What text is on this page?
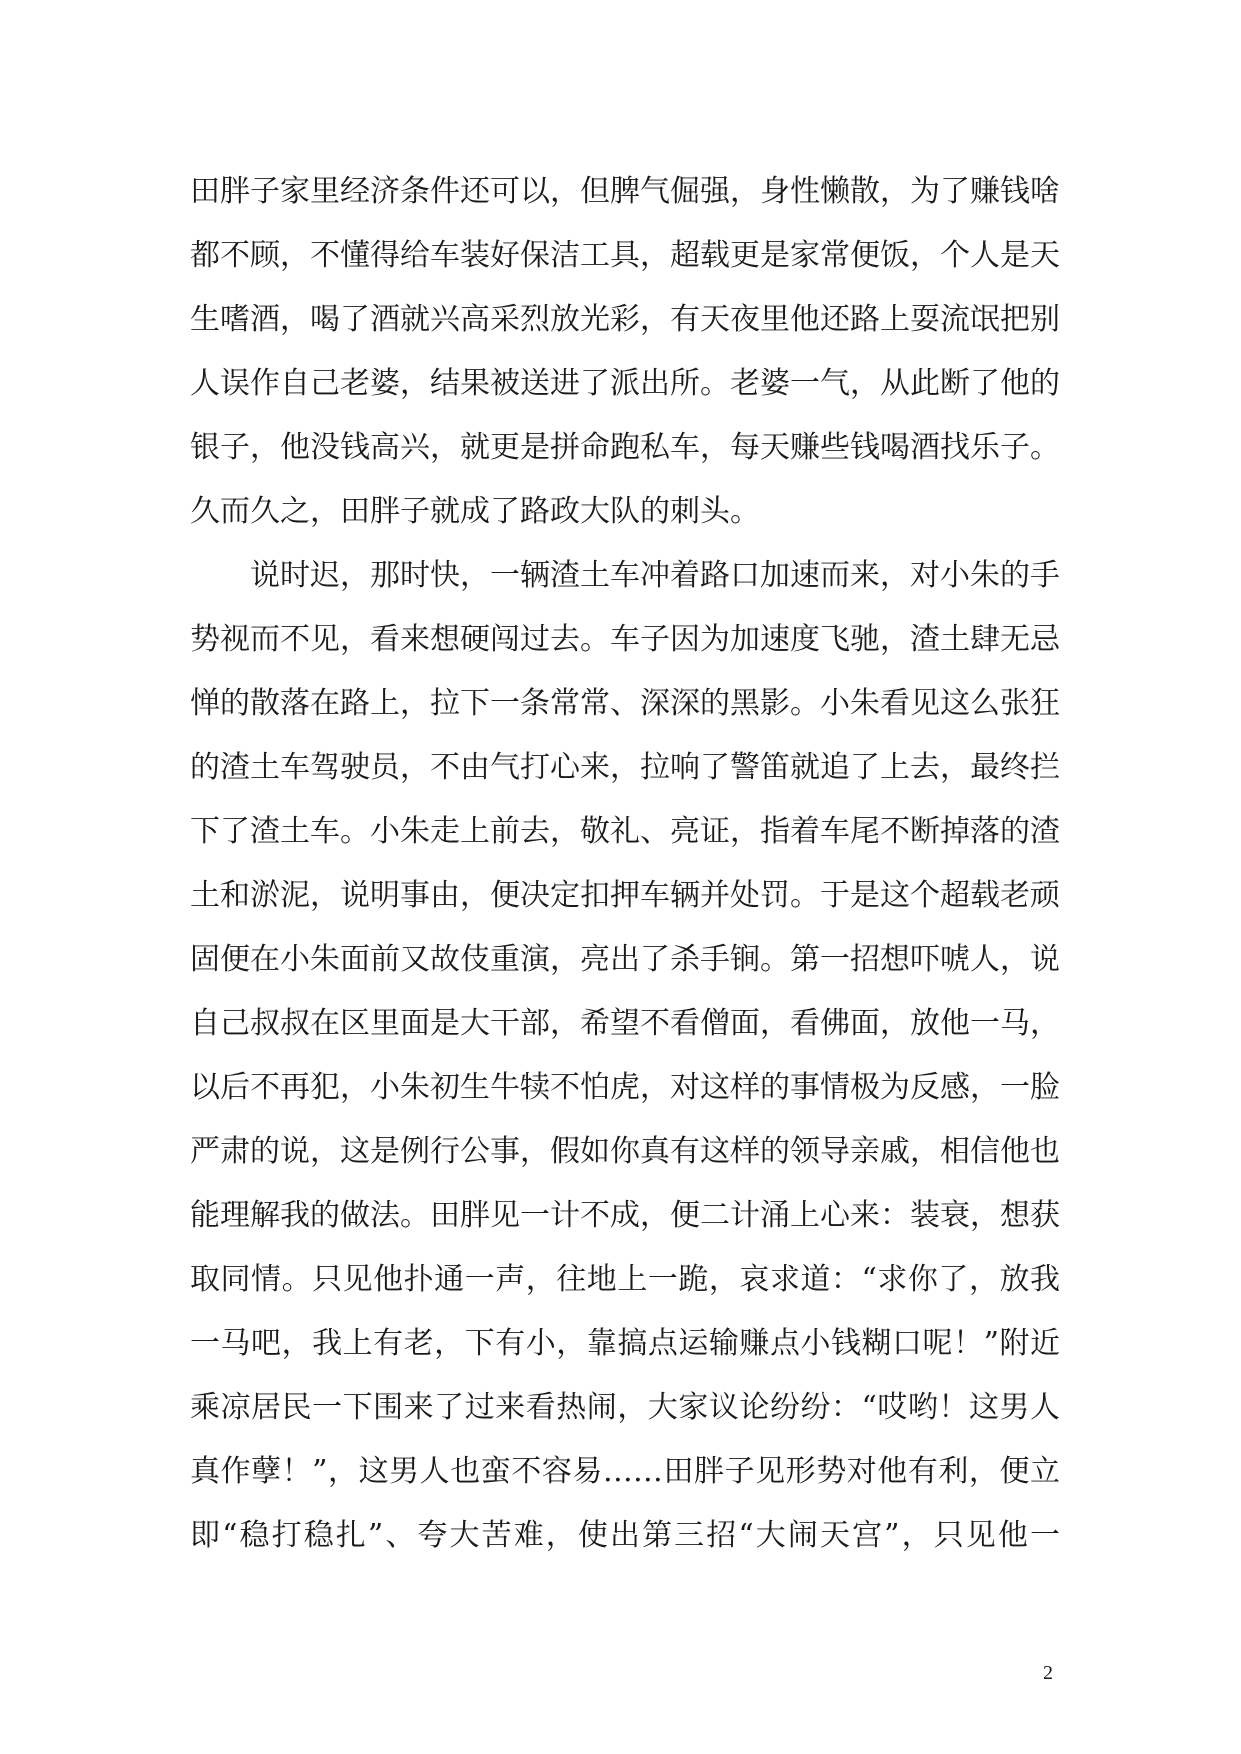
田胖子家里经济条件还可以，但脾气倔强，身性懒散，为了赚钱啥
都不顾，不懂得给车装好保洁工具，超载更是家常便饭，个人是天
生嗜酒，喝了酒就兴高采烈放光彩，有天夜里他还路上耍流氓把别
人误作自己老婆，结果被送进了派出所。老婆一气，从此断了他的
银子，他没钱高兴，就更是拼命跑私车，每天赚些钱喝酒找乐子。
久而久之，田胖子就成了路政大队的刺头。
说时迟，那时快，一辆渣土车冲着路口加速而来，对小朱的手
势视而不见，看来想硬闯过去。车子因为加速度飞驰，渣土肆无忌
惮的散落在路上，拉下一条常常、深深的黑影。小朱看见这么张狂
的渣土车驾驶员，不由气打心来，拉响了警笛就追了上去，最终拦
下了渣土车。小朱走上前去，敬礼、亮证，指着车尾不断掉落的渣
土和淤泥，说明事由，便决定扣押车辆并处罚。于是这个超载老顽
固便在小朱面前又故伎重演，亮出了杀手锏。第一招想吓唬人，说
自己叔叔在区里面是大干部，希望不看僧面，看佛面，放他一马，
以后不再犯，小朱初生牛犊不怕虎，对这样的事情极为反感，一脸
严肃的说，这是例行公事，假如你真有这样的领导亲戚，相信他也
能理解我的做法。田胖见一计不成，便二计涌上心来：装衰，想获
取同情。只见他扑通一声，往地上一跪，哀求道：“求你了，放我
一马吧，我上有老，下有小，靠搞点运输赚点小钱糊口呢！”附近
乘凉居民一下围来了过来看热闹，大家议论纷纷：“哎哟！这男人
真作孽！”，这男人也蛮不容易……田胖子见形势对他有利，便立
即“稳打稳扎”、夸大苦难，使出第三招“大闹天宫”，只见他一
2
